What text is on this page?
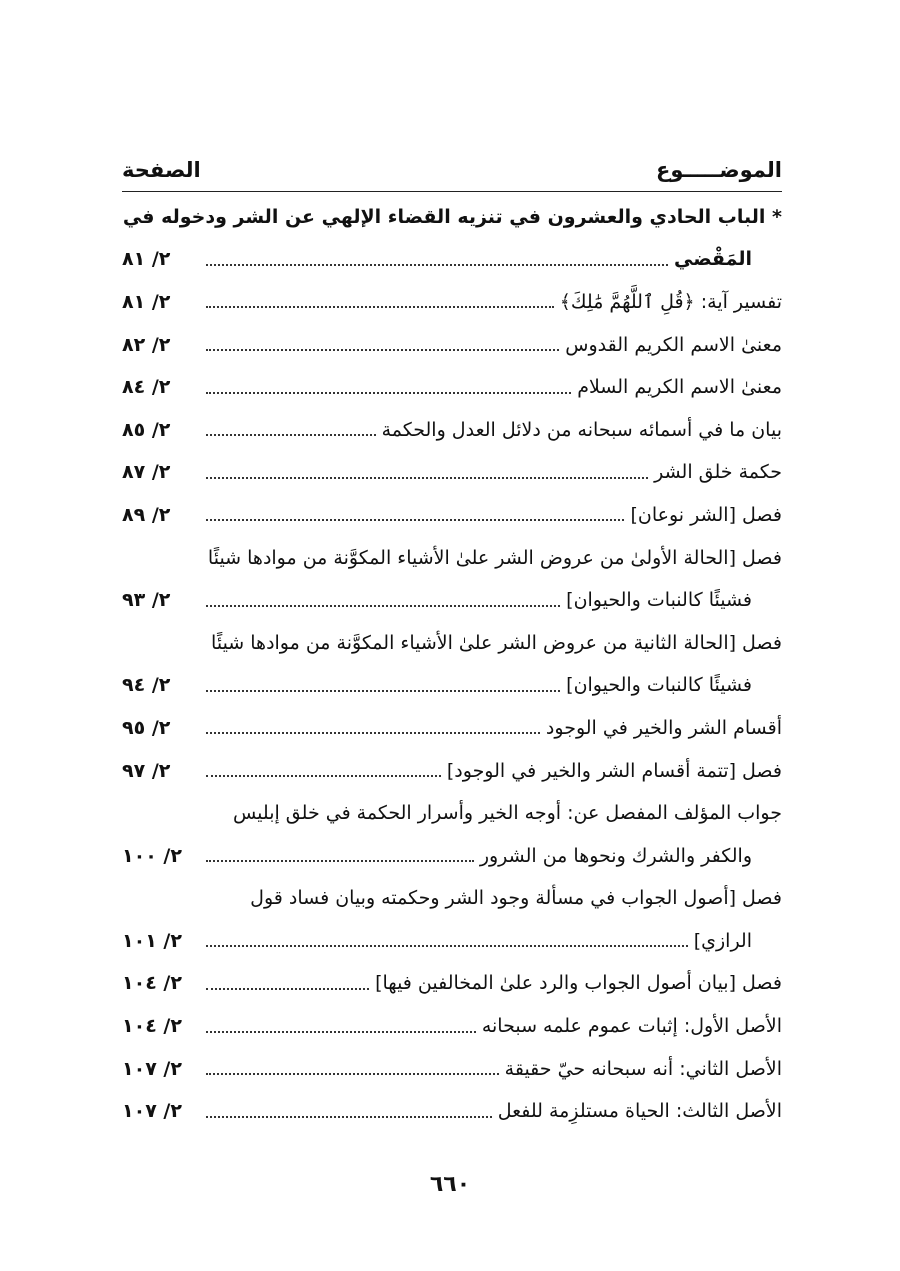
الموضـــــوع
الصفحة
* الباب الحادي والعشرون في تنزيه القضاء الإلهي عن الشر ودخوله في
المَقْضي
٢/ ٨١
تفسير آية: ﴿قُلِ ٱللَّهُمَّ مَٰلِكَ﴾
٢/ ٨١
معنىٰ الاسم الكريم القدوس
٢/ ٨٢
معنىٰ الاسم الكريم السلام
٢/ ٨٤
بيان ما في أسمائه سبحانه من دلائل العدل والحكمة
٢/ ٨٥
حكمة خلق الشر
٢/ ٨٧
فصل [الشر نوعان]
٢/ ٨٩
فصل [الحالة الأولىٰ من عروض الشر علىٰ الأشياء المكوَّنة من موادها شيئًا
فشيئًا كالنبات والحيوان]
٢/ ٩٣
فصل [الحالة الثانية من عروض الشر علىٰ الأشياء المكوَّنة من موادها شيئًا
فشيئًا كالنبات والحيوان]
٢/ ٩٤
أقسام الشر والخير في الوجود
٢/ ٩٥
فصل [تتمة أقسام الشر والخير في الوجود]
٢/ ٩٧
جواب المؤلف المفصل عن: أوجه الخير وأسرار الحكمة في خلق إبليس
والكفر والشرك ونحوها من الشرور
٢/ ١٠٠
فصل [أصول الجواب في مسألة وجود الشر وحكمته وبيان فساد قول
الرازي]
٢/ ١٠١
فصل [بيان أصول الجواب والرد علىٰ المخالفين فيها]
٢/ ١٠٤
الأصل الأول: إثبات عموم علمه سبحانه
٢/ ١٠٤
الأصل الثاني: أنه سبحانه حيّ حقيقة
٢/ ١٠٧
الأصل الثالث: الحياة مستلزِمة للفعل
٢/ ١٠٧
٦٦٠
